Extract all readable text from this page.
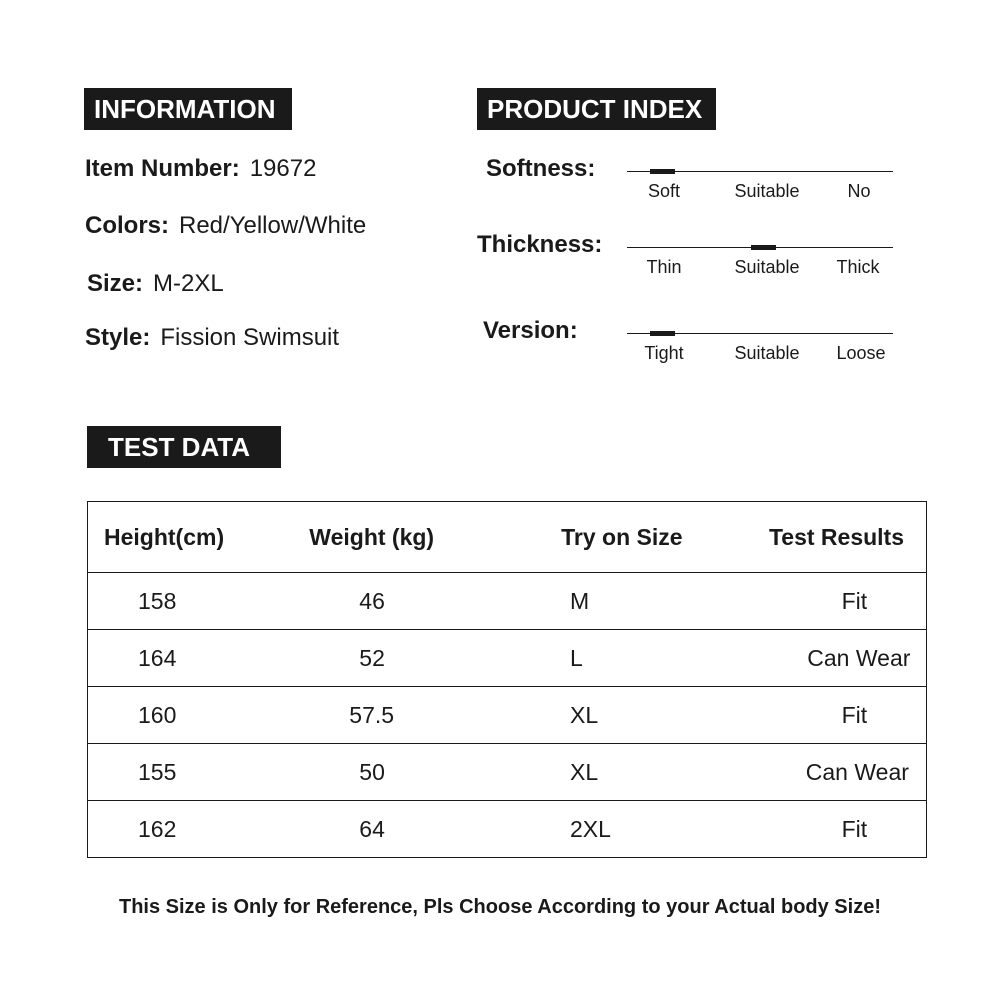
INFORMATION
Item Number: 19672
Colors: Red/Yellow/White
Size: M-2XL
Style: Fission Swimsuit
PRODUCT INDEX
Softness:
Soft	Suitable	No
Thickness:
Thin	Suitable	Thick
Version:
Tight	Suitable	Loose
TEST DATA
Height(cm)	Weight (kg)	Try on Size	Test Results
158	46	M	Fit
164	52	L	Can Wear
160	57.5	XL	Fit
155	50	XL	Can Wear
162	64	2XL	Fit
This Size is Only for Reference, Pls Choose According to your Actual body Size!
